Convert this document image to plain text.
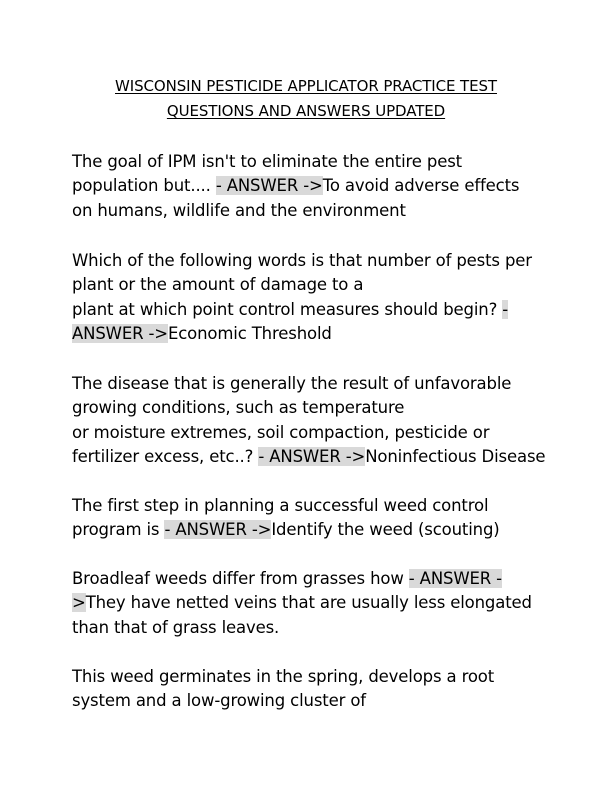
WISCONSIN PESTICIDE APPLICATOR PRACTICE TEST
QUESTIONS AND ANSWERS UPDATED
The goal of IPM isn't to eliminate the entire pest
population but.... - ANSWER ->To avoid adverse effects
on humans, wildlife and the environment
Which of the following words is that number of pests per
plant or the amount of damage to a
plant at which point control measures should begin? -
ANSWER ->Economic Threshold
The disease that is generally the result of unfavorable
growing conditions, such as temperature
or moisture extremes, soil compaction, pesticide or
fertilizer excess, etc..? - ANSWER ->Noninfectious Disease
The first step in planning a successful weed control
program is - ANSWER ->Identify the weed (scouting)
Broadleaf weeds differ from grasses how - ANSWER -
>They have netted veins that are usually less elongated
than that of grass leaves.
This weed germinates in the spring, develops a root
system and a low-growing cluster of
